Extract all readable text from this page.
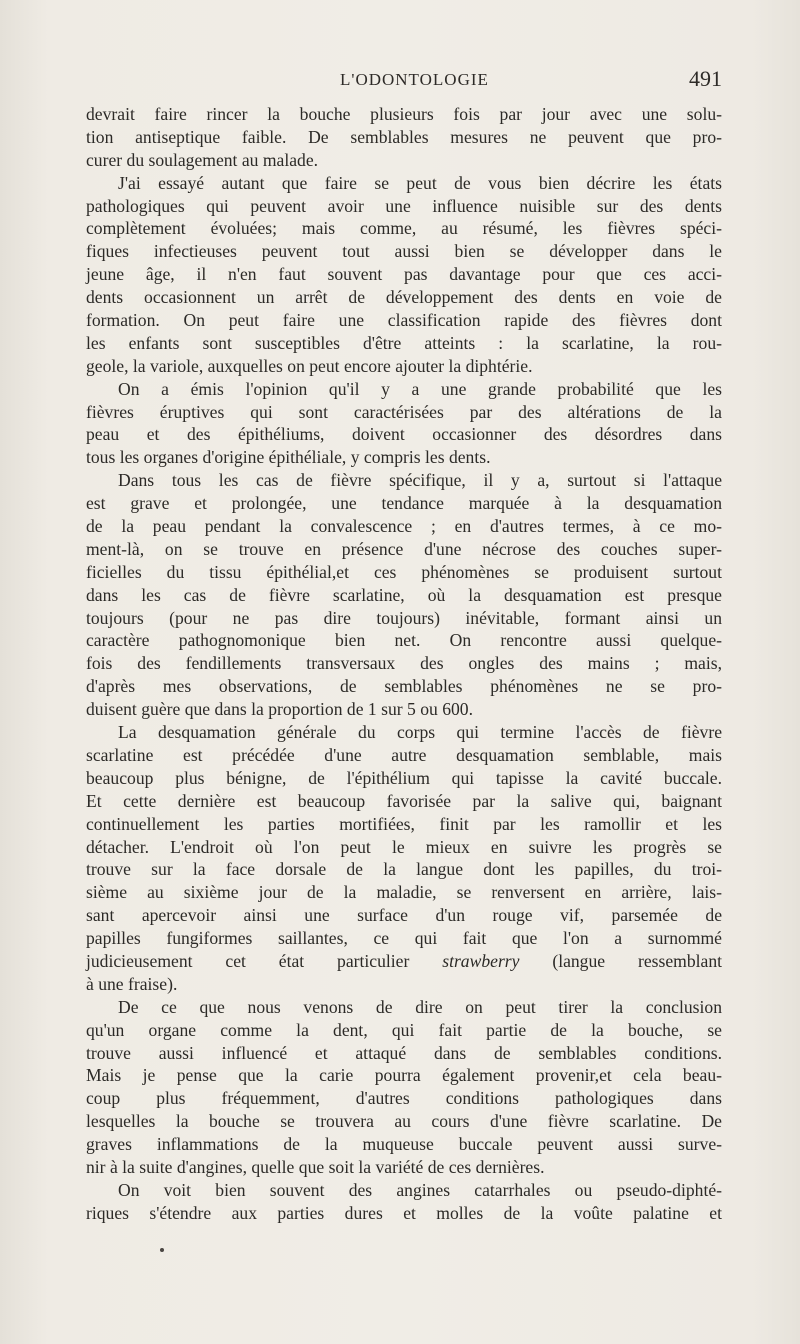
L'ODONTOLOGIE	491
devrait faire rincer la bouche plusieurs fois par jour avec une solu-
tion antiseptique faible. De semblables mesures ne peuvent que pro-
curer du soulagement au malade.
J'ai essayé autant que faire se peut de vous bien décrire les états
pathologiques qui peuvent avoir une influence nuisible sur des dents
complètement évoluées; mais comme, au résumé, les fièvres spéci-
fiques infectieuses peuvent tout aussi bien se développer dans le
jeune âge, il n'en faut souvent pas davantage pour que ces acci-
dents occasionnent un arrêt de développement des dents en voie de
formation. On peut faire une classification rapide des fièvres dont
les enfants sont susceptibles d'être atteints : la scarlatine, la rou-
geole, la variole, auxquelles on peut encore ajouter la diphtérie.
On a émis l'opinion qu'il y a une grande probabilité que les
fièvres éruptives qui sont caractérisées par des altérations de la
peau et des épithéliums, doivent occasionner des désordres dans
tous les organes d'origine épithéliale, y compris les dents.
Dans tous les cas de fièvre spécifique, il y a, surtout si l'attaque
est grave et prolongée, une tendance marquée à la desquamation
de la peau pendant la convalescence ; en d'autres termes, à ce mo-
ment-là, on se trouve en présence d'une nécrose des couches super-
ficielles du tissu épithélial,et ces phénomènes se produisent surtout
dans les cas de fièvre scarlatine, où la desquamation est presque
toujours (pour ne pas dire toujours) inévitable, formant ainsi un
caractère pathognomonique bien net. On rencontre aussi quelque-
fois des fendillements transversaux des ongles des mains ; mais,
d'après mes observations, de semblables phénomènes ne se pro-
duisent guère que dans la proportion de 1 sur 5 ou 600.
La desquamation générale du corps qui termine l'accès de fièvre
scarlatine est précédée d'une autre desquamation semblable, mais
beaucoup plus bénigne, de l'épithélium qui tapisse la cavité buccale.
Et cette dernière est beaucoup favorisée par la salive qui, baignant
continuellement les parties mortifiées, finit par les ramollir et les
détacher. L'endroit où l'on peut le mieux en suivre les progrès se
trouve sur la face dorsale de la langue dont les papilles, du troi-
sième au sixième jour de la maladie, se renversent en arrière, lais-
sant apercevoir ainsi une surface d'un rouge vif, parsemée de
papilles fungiformes saillantes, ce qui fait que l'on a surnommé
judicieusement cet état particulier strawberry (langue ressemblant
à une fraise).
De ce que nous venons de dire on peut tirer la conclusion
qu'un organe comme la dent, qui fait partie de la bouche, se
trouve aussi influencé et attaqué dans de semblables conditions.
Mais je pense que la carie pourra également provenir,et cela beau-
coup plus fréquemment, d'autres conditions pathologiques dans
lesquelles la bouche se trouvera au cours d'une fièvre scarlatine. De
graves inflammations de la muqueuse buccale peuvent aussi surve-
nir à la suite d'angines, quelle que soit la variété de ces dernières.
On voit bien souvent des angines catarrhales ou pseudo-diphté-
riques s'étendre aux parties dures et molles de la voûte palatine et
